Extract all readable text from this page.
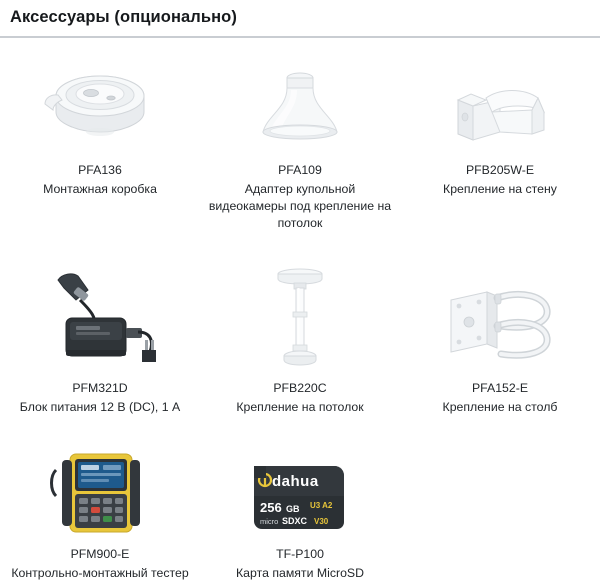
Аксессуары (опционально)
PFA136
Монтажная коробка
PFA109
Адаптер купольной видеокамеры под крепление на потолок
PFB205W-E
Крепление на стену
PFM321D
Блок питания 12 В (DC), 1 А
PFB220C
Крепление на потолок
PFA152-E
Крепление на столб
PFM900-E
Контрольно-монтажный тестер
dahua
256 GB U3 A2
micro SDXC V30
TF-P100
Карта памяти MicroSD
